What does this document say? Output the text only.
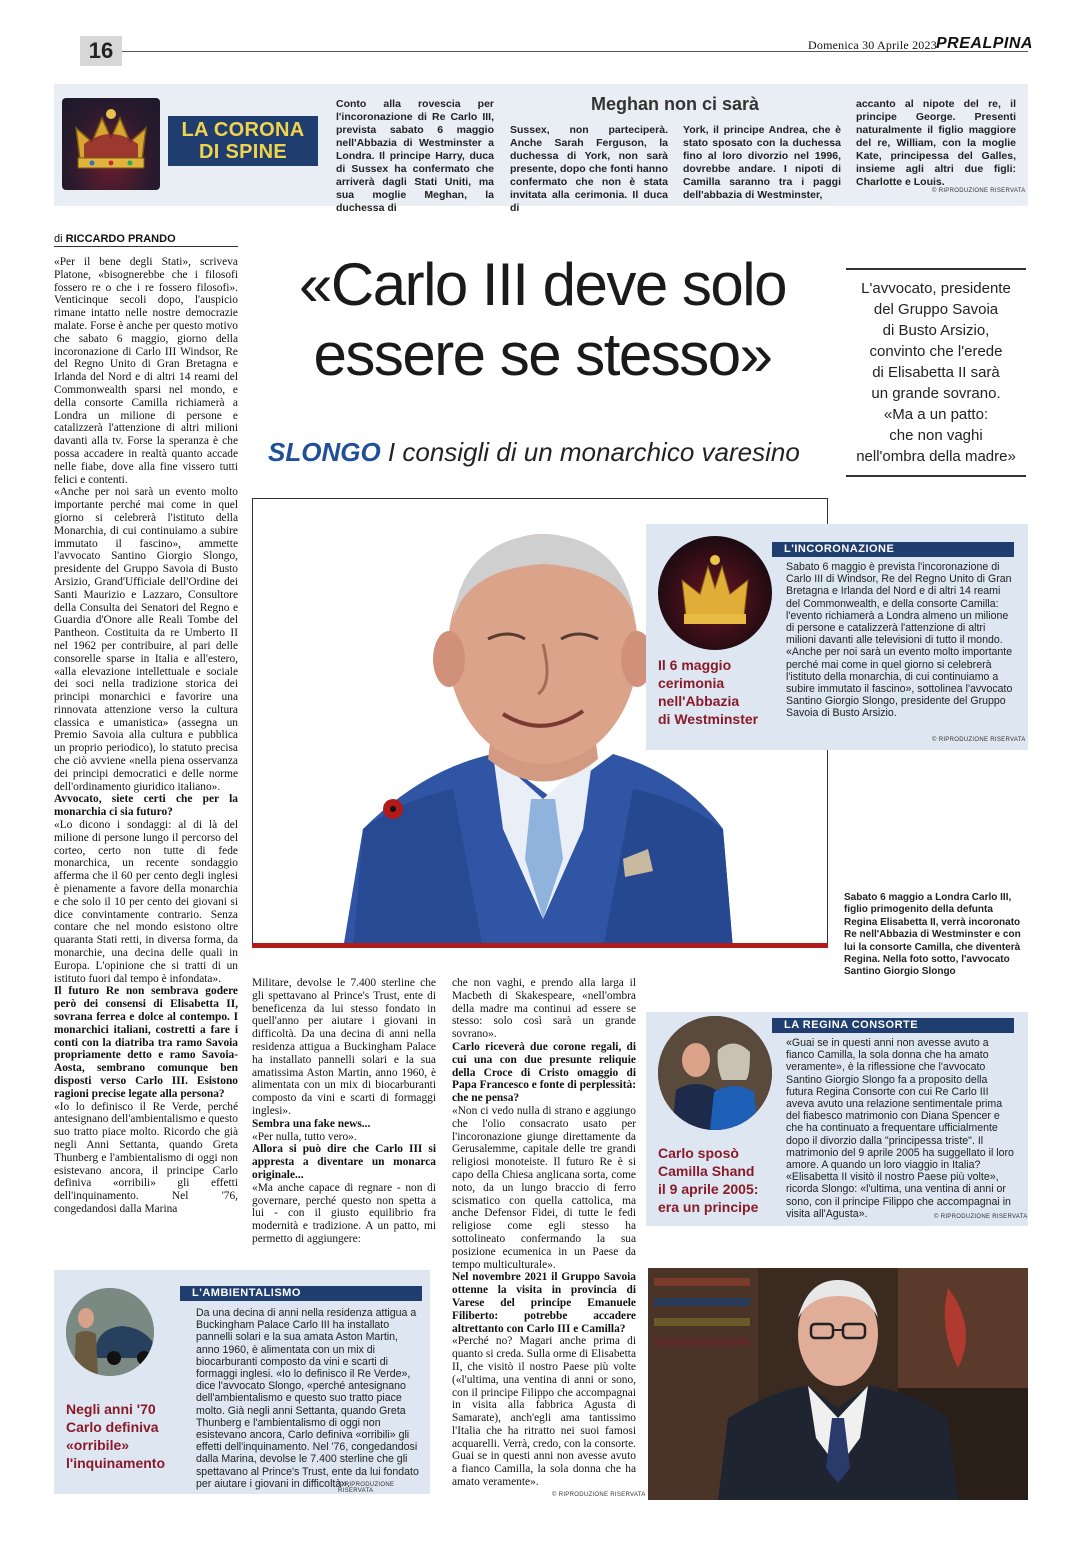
16	Domenica 30 Aprile 2023 PREALPINA
LA CORONA
DI SPINE
Conto alla rovescia per l'incoronazione di Re Carlo III, prevista sabato 6 maggio nell'Abbazia di Westminster a Londra. Il principe Harry, duca di Sussex ha confermato che arriverà dagli Stati Uniti, ma sua moglie Meghan, la duchessa di
Meghan non ci sarà
Sussex, non parteciperà. Anche Sarah Ferguson, la duchessa di York, non sarà presente, dopo che fonti hanno confermato che non è stata invitata alla cerimonia. Il duca di
York, il principe Andrea, che è stato sposato con la duchessa fino al loro divorzio nel 1996, dovrebbe andare. I nipoti di Camilla saranno tra i paggi dell'abbazia di Westminster,
accanto al nipote del re, il principe George. Presenti naturalmente il figlio maggiore del re, William, con la moglie Kate, principessa del Galles, insieme agli altri due figli: Charlotte e Louis.
© RIPRODUZIONE RISERVATA
di RICCARDO PRANDO

«Per il bene degli Stati», scriveva Platone, «bisognerebbe che i filosofi fossero re o che i re fossero filosofi». Venticinque secoli dopo, l'auspicio rimane intatto nelle nostre democrazie malate. Forse è anche per questo motivo che sabato 6 maggio, giorno della incoronazione di Carlo III Windsor, Re del Regno Unito di Gran Bretagna e Irlanda del Nord e di altri 14 reami del Commonwealth sparsi nel mondo, e della consorte Camilla richiamerà a Londra un milione di persone e catalizzerà l'attenzione di altri milioni davanti alla tv. Forse la speranza è che possa accadere in realtà quanto accade nelle fiabe, dove alla fine vissero tutti felici e contenti.

«Anche per noi sarà un evento molto importante perché mai come in quel giorno si celebrerà l'istituto della Monarchia, di cui continuiamo a subire immutato il fascino», ammette l'avvocato Santino Giorgio Slongo, presidente del Gruppo Savoia di Busto Arsizio, Grand'Ufficiale dell'Ordine dei Santi Maurizio e Lazzaro, Consultore della Consulta dei Senatori del Regno e Guardia d'Onore alle Reali Tombe del Pantheon. Costituita da re Umberto II nel 1962 per contribuire, al pari delle consorelle sparse in Italia e all'estero, «alla elevazione intellettuale e sociale dei soci nella tradizione storica dei principi monarchici e favorire una rinnovata attenzione verso la cultura classica e umanistica» (assegna un Premio Savoia alla cultura e pubblica un proprio periodico), lo statuto precisa che ciò avviene «nella piena osservanza dei principi democratici e delle norme dell'ordinamento giuridico italiano».

Avvocato, siete certi che per la monarchia ci sia futuro?

«Lo dicono i sondaggi: al di là del milione di persone lungo il percorso del corteo, certo non tutte di fede monarchica, un recente sondaggio afferma che il 60 per cento degli inglesi è pienamente a favore della monarchia e che solo il 10 per cento dei giovani si dice convintamente contrario. Senza contare che nel mondo esistono oltre quaranta Stati retti, in diversa forma, da monarchie, una decina delle quali in Europa. L'opinione che si tratti di un istituto fuori dal tempo è infondata».

Il futuro Re non sembrava godere però dei consensi di Elisabetta II, sovrana ferrea e dolce al contempo. I monarchici italiani, costretti a fare i conti con la diatriba tra ramo Savoia propriamente detto e ramo Savoia-Aosta, sembrano comunque ben disposti verso Carlo III. Esistono ragioni precise legate alla persona?

«Io lo definisco il Re Verde, perché antesignano dell'ambientalismo e questo suo tratto piace molto. Ricordo che già negli Anni Settanta, quando Greta Thunberg e l'ambientalismo di oggi non esistevano ancora, il principe Carlo definiva «orribili» gli effetti dell'inquinamento. Nel '76, congedandosi dalla Marina

«Carlo III deve solo
essere se stesso»
SLONGO I consigli di un monarchico varesino
L'avvocato, presidente
del Gruppo Savoia
di Busto Arsizio,
convinto che l'erede
di Elisabetta II sarà
un grande sovrano.
«Ma a un patto:
che non vaghi
nell'ombra della madre»
L'INCORONAZIONE
Il 6 maggio
cerimonia
nell'Abbazia
di Westminster
Sabato 6 maggio è prevista l'incoronazione di Carlo III di Windsor, Re del Regno Unito di Gran Bretagna e Irlanda del Nord e di altri 14 reami del Commonwealth, e della consorte Camilla: l'evento richiamerà a Londra almeno un milione di persone e catalizzerà l'attenzione di altri milioni davanti alle televisioni di tutto il mondo. «Anche per noi sarà un evento molto importante perché mai come in quel giorno si celebrerà l'istituto della monarchia, di cui continuiamo a subire immutato il fascino», sottolinea l'avvocato Santino Giorgio Slongo, presidente del Gruppo Savoia di Busto Arsizio.
© RIPRODUZIONE RISERVATA
Sabato 6 maggio a Londra Carlo III, figlio primogenito della defunta Regina Elisabetta II, verrà incoronato Re nell'Abbazia di Westminster e con lui la consorte Camilla, che diventerà Regina. Nella foto sotto, l'avvocato Santino Giorgio Slongo

Militare, devolse le 7.400 sterline che gli spettavano al Prince's Trust, ente di beneficenza da lui stesso fondato in quell'anno per aiutare i giovani in difficoltà. Da una decina di anni nella residenza attigua a Buckingham Palace ha installato pannelli solari e la sua amatissima Aston Martin, anno 1960, è alimentata con un mix di biocarburanti composto da vini e scarti di formaggi inglesi».

Sembra una fake news...

«Per nulla, tutto vero».

Allora si può dire che Carlo III si appresta a diventare un monarca originale...

«Ma anche capace di regnare - non di governare, perché questo non spetta a lui - con il giusto equilibrio fra modernità e tradizione. A un patto, mi permetto di aggiungere:

che non vaghi, e prendo alla larga il Macbeth di Skakespeare, «nell'ombra della madre ma continui ad essere se stesso: solo così sarà un grande sovrano».

Carlo riceverà due corone regali, di cui una con due presunte reliquie della Croce di Cristo omaggio di Papa Francesco e fonte di perplessità: che ne pensa?

«Non ci vedo nulla di strano e aggiungo che l'olio consacrato usato per l'incoronazione giunge direttamente da Gerusalemme, capitale delle tre grandi religiosi monoteiste. Il futuro Re è si capo della Chiesa anglicana sorta, come noto, da un lungo braccio di ferro scismatico con quella cattolica, ma anche Defensor Fidei, di tutte le fedi religiose come egli stesso ha sottolineato confermando la sua posizione ecumenica in un Paese da tempo multiculturale».

Nel novembre 2021 il Gruppo Savoia ottenne la visita in provincia di Varese del principe Emanuele Filiberto: potrebbe accadere altrettanto con Carlo III e Camilla?

«Perché no? Magari anche prima di quanto si creda. Sulla orme di Elisabetta II, che visitò il nostro Paese più volte («l'ultima, una ventina di anni or sono, con il principe Filippo che accompagnai in visita alla fabbrica Agusta di Samarate), anch'egli ama tantissimo l'Italia che ha ritratto nei suoi famosi acquarelli. Verrà, credo, con la consorte. Guai se in questi anni non avesse avuto a fianco Camilla, la sola donna che ha amato veramente».

© RIPRODUZIONE RISERVATA
LA REGINA CONSORTE
Carlo sposò
Camilla Shand
il 9 aprile 2005:
era un principe
«Guai se in questi anni non avesse avuto a fianco Camilla, la sola donna che ha amato veramente», è la riflessione che l'avvocato Santino Giorgio Slongo fa a proposito della futura Regina Consorte con cui Re Carlo III aveva avuto una relazione sentimentale prima del fiabesco matrimonio con Diana Spencer e che ha continuato a frequentare ufficialmente dopo il divorzio dalla "principessa triste". Il matrimonio del 9 aprile 2005 ha suggellato il loro amore. A quando un loro viaggio in Italia? «Elisabetta II visitò il nostro Paese più volte», ricorda Slongo: «l'ultima, una ventina di anni or sono, con il principe Filippo che accompagnai in visita all'Agusta».	© RIPRODUZIONE RISERVATA
L'AMBIENTALISMO
Negli anni '70
Carlo definiva
«orribile»
l'inquinamento
Da una decina di anni nella residenza attigua a Buckingham Palace Carlo III ha installato pannelli solari e la sua amata Aston Martin, anno 1960, è alimentata con un mix di biocarburanti composto da vini e scarti di formaggi inglesi. «Io lo definisco il Re Verde», dice l'avvocato Slongo, «perché antesignano dell'ambientalismo e questo suo tratto piace molto. Già negli anni Settanta, quando Greta Thunberg e l'ambientalismo di oggi non esistevano ancora, Carlo definiva «orribili» gli effetti dell'inquinamento. Nel '76, congedandosi dalla Marina, devolse le 7.400 sterline che gli spettavano al Prince's Trust, ente da lui fondato per aiutare i giovani in difficoltà».
© RIPRODUZIONE RISERVATA
